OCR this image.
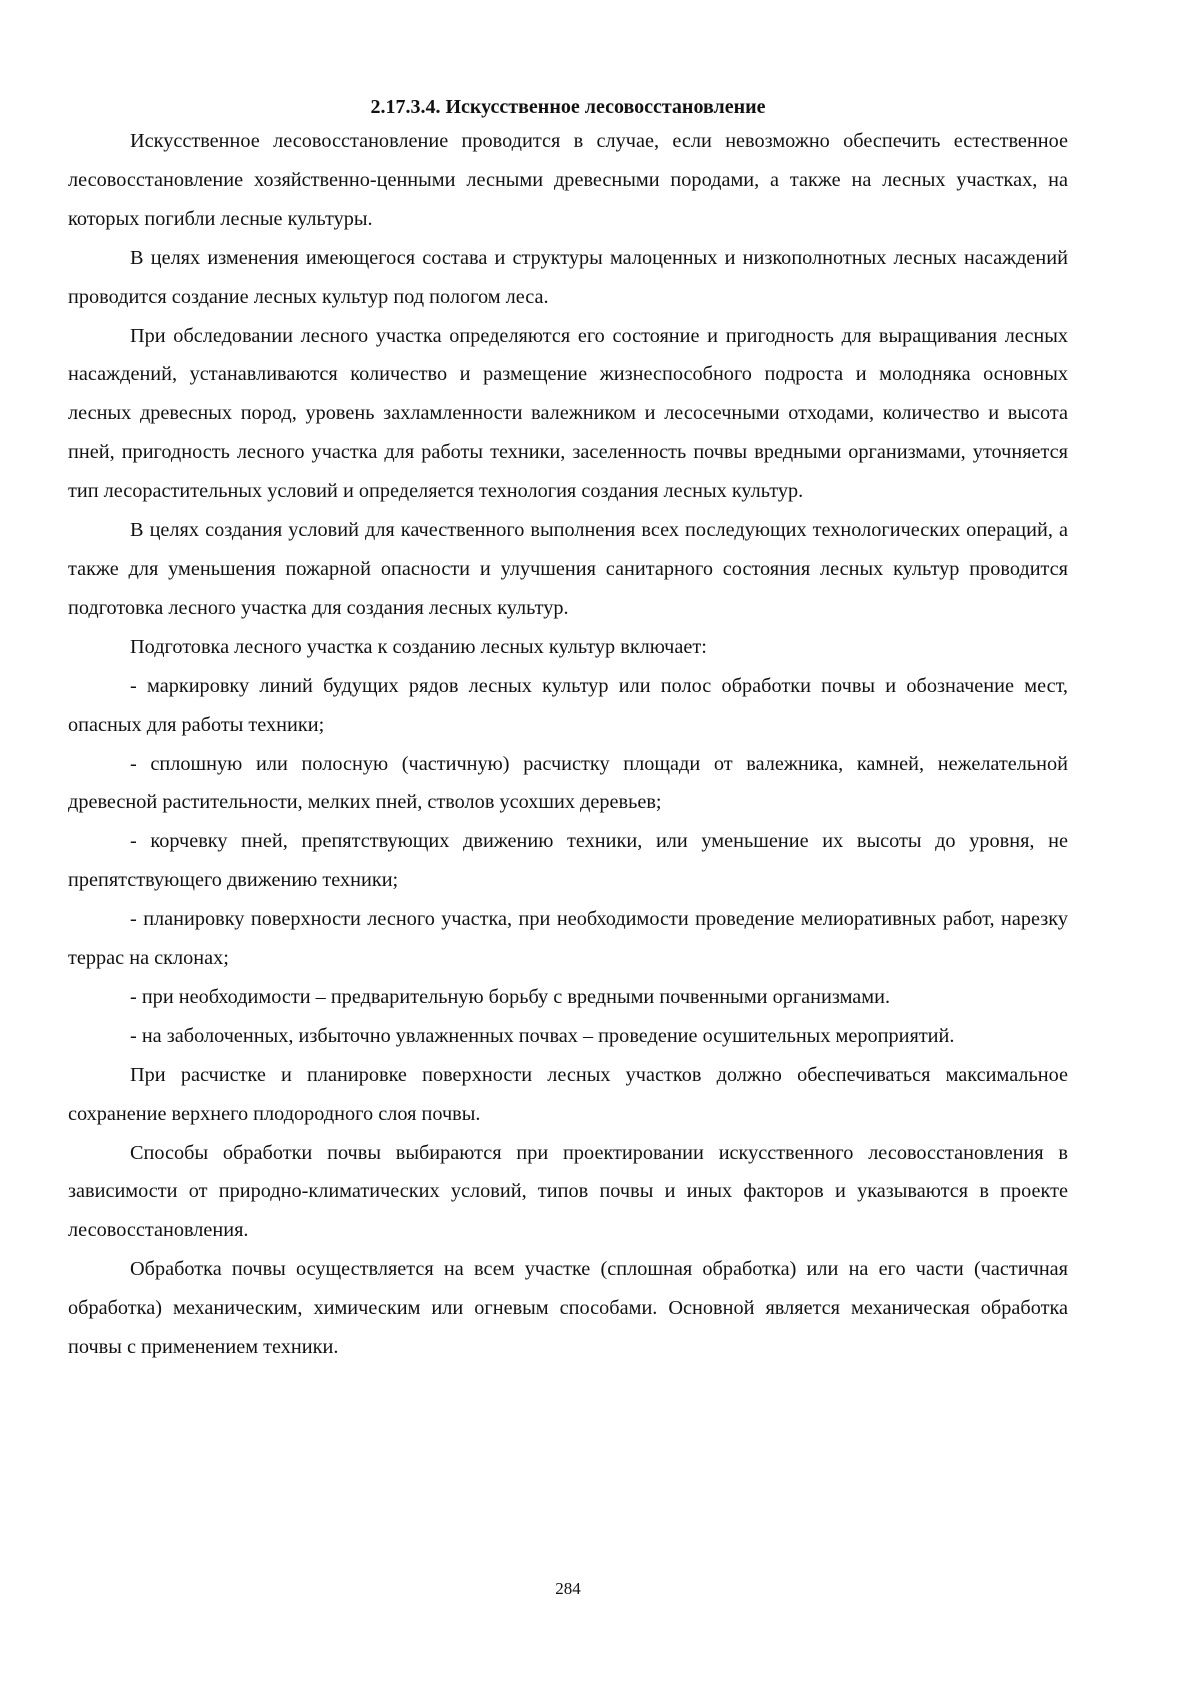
2.17.3.4. Искусственное лесовосстановление

Искусственное лесовосстановление проводится в случае, если невозможно обеспечить естественное лесовосстановление хозяйственно-ценными лесными древесными породами, а также на лесных участках, на которых погибли лесные культуры.

В целях изменения имеющегося состава и структуры малоценных и низкополнотных лесных насаждений проводится создание лесных культур под пологом леса.

При обследовании лесного участка определяются его состояние и пригодность для выращивания лесных насаждений, устанавливаются количество и размещение жизнеспособного подроста и молодняка основных лесных древесных пород, уровень захламленности валежником и лесосечными отходами, количество и высота пней, пригодность лесного участка для работы техники, заселенность почвы вредными организмами, уточняется тип лесорастительных условий и определяется технология создания лесных культур.

В целях создания условий для качественного выполнения всех последующих технологических операций, а также для уменьшения пожарной опасности и улучшения санитарного состояния лесных культур проводится подготовка лесного участка для создания лесных культур.

Подготовка лесного участка к созданию лесных культур включает:

- маркировку линий будущих рядов лесных культур или полос обработки почвы и обозначение мест, опасных для работы техники;

- сплошную или полосную (частичную) расчистку площади от валежника, камней, нежелательной древесной растительности, мелких пней, стволов усохших деревьев;

- корчевку пней, препятствующих движению техники, или уменьшение их высоты до уровня, не препятствующего движению техники;

- планировку поверхности лесного участка, при необходимости проведение мелиоративных работ, нарезку террас на склонах;

- при необходимости – предварительную борьбу с вредными почвенными организмами.

- на заболоченных, избыточно увлажненных почвах – проведение осушительных мероприятий.

При расчистке и планировке поверхности лесных участков должно обеспечиваться максимальное сохранение верхнего плодородного слоя почвы.

Способы обработки почвы выбираются при проектировании искусственного лесовосстановления в зависимости от природно-климатических условий, типов почвы и иных факторов и указываются в проекте лесовосстановления.

Обработка почвы осуществляется на всем участке (сплошная обработка) или на его части (частичная обработка) механическим, химическим или огневым способами. Основной является механическая обработка почвы с применением техники.

284
